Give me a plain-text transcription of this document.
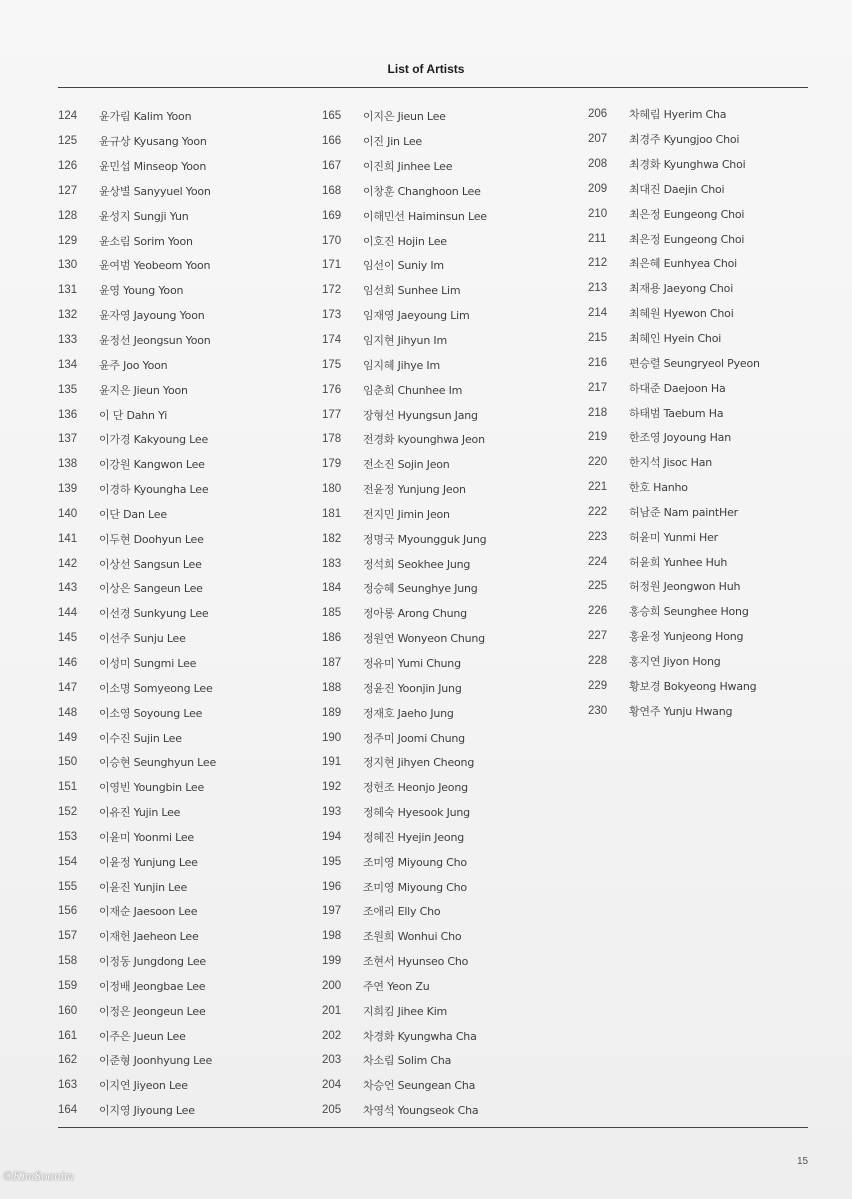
List of Artists
124	윤가림 Kalim Yoon
125	윤규상 Kyusang Yoon
126	윤민섭 Minseop Yoon
127	윤상별 Sanyyuel Yoon
128	윤성지 Sungji Yun
129	윤소림 Sorim Yoon
130	윤여범 Yeobeom Yoon
131	윤영 Young Yoon
132	윤자영 Jayoung Yoon
133	윤정선 Jeongsun Yoon
134	윤주 Joo Yoon
135	윤지은 Jieun Yoon
136	이 단 Dahn Yi
137	이가경 Kakyoung Lee
138	이강원 Kangwon Lee
139	이경하 Kyoungha Lee
140	이단 Dan Lee
141	이두현 Doohyun Lee
142	이상선 Sangsun Lee
143	이상은 Sangeun Lee
144	이선경 Sunkyung Lee
145	이선주 Sunju Lee
146	이성미 Sungmi Lee
147	이소명 Somyeong Lee
148	이소영 Soyoung Lee
149	이수진 Sujin Lee
150	이승현 Seunghyun Lee
151	이영빈 Youngbin Lee
152	이유진 Yujin Lee
153	이윤미 Yoonmi Lee
154	이윤정 Yunjung Lee
155	이윤진 Yunjin Lee
156	이재순 Jaesoon Lee
157	이재헌 Jaeheon Lee
158	이정동 Jungdong Lee
159	이정배 Jeongbae Lee
160	이정은 Jeongeun Lee
161	이주은 Jueun Lee
162	이준형 Joonhyung Lee
163	이지연 Jiyeon Lee
164	이지영 Jiyoung Lee
165	이지은 Jieun Lee
166	이진 Jin Lee
167	이진희 Jinhee Lee
168	이창훈 Changhoon Lee
169	이해민선 Haiminsun Lee
170	이호진 Hojin Lee
171	임선이 Suniy Im
172	임선희 Sunhee Lim
173	임재영 Jaeyoung Lim
174	임지현 Jihyun Im
175	임지혜 Jihye Im
176	임춘희 Chunhee Im
177	장형선 Hyungsun Jang
178	전경화 kyounghwa Jeon
179	전소진 Sojin Jeon
180	전윤정 Yunjung Jeon
181	전지민 Jimin Jeon
182	정명국 Myoungguk Jung
183	정석희 Seokhee Jung
184	정승혜 Seunghye Jung
185	정아롱 Arong Chung
186	정원연 Wonyeon Chung
187	정유미 Yumi Chung
188	정윤진 Yoonjin Jung
189	정재호 Jaeho Jung
190	정주미 Joomi Chung
191	정지현 Jihyen Cheong
192	정헌조 Heonjo Jeong
193	정혜숙 Hyesook Jung
194	정혜진 Hyejin Jeong
195	조미영 Miyoung Cho
196	조미영 Miyoung Cho
197	조애리 Elly Cho
198	조원희 Wonhui Cho
199	조현서 Hyunseo Cho
200	주연 Yeon Zu
201	지희킴 Jihee Kim
202	차경화 Kyungwha Cha
203	차소림 Solim Cha
204	차승언 Seungean Cha
205	차영석 Youngseok Cha
206	차혜림 Hyerim Cha
207	최경주 Kyungjoo Choi
208	최경화 Kyunghwa Choi
209	최대진 Daejin Choi
210	최은정 Eungeong Choi
211	최은정 Eungeong Choi
212	최은혜 Eunhyea Choi
213	최재용 Jaeyong Choi
214	최혜원 Hyewon Choi
215	최혜인 Hyein Choi
216	편승렬 Seungryeol Pyeon
217	하대준 Daejoon Ha
218	하태범 Taebum Ha
219	한조영 Joyoung Han
220	한지석 Jisoc Han
221	한호 Hanho
222	허남준 Nam paintHer
223	허윤미 Yunmi Her
224	허윤희 Yunhee Huh
225	허정원 Jeongwon Huh
226	홍승희 Seunghee Hong
227	홍윤정 Yunjeong Hong
228	홍지연 Jiyon Hong
229	황보경 Bokyeong Hwang
230	황연주 Yunju Hwang
15
©KimSoonim
